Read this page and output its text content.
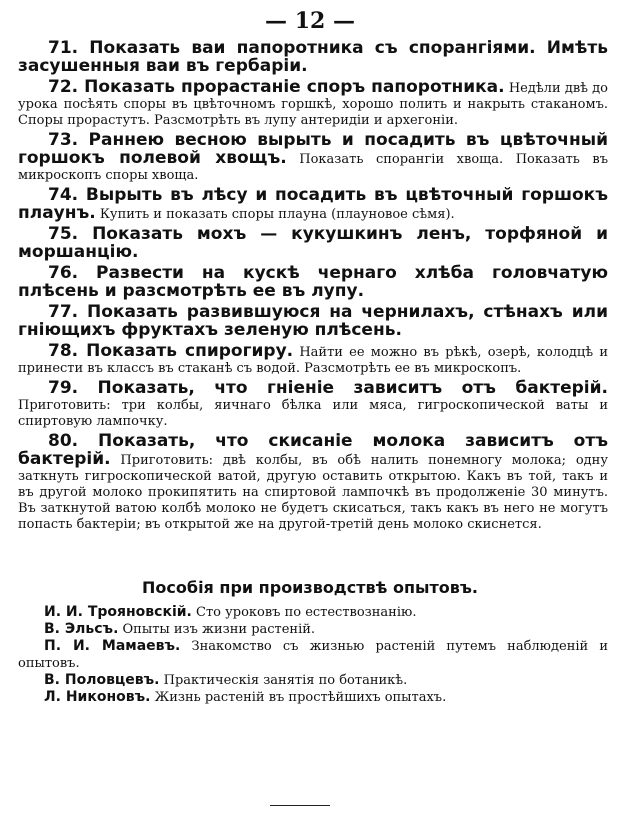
— 12 —

71. Показать ваи папоротника съ спорангіями. Имѣть засушенныя ваи въ гербаріи.

72. Показать прорастаніе споръ папоротника. Недѣли двѣ до урока посѣять споры въ цвѣточномъ горшкѣ, хорошо полить и накрыть стаканомъ. Споры прорастутъ. Разсмотрѣть въ лупу антеридіи и архегоніи.

73. Раннею весною вырыть и посадить въ цвѣточный горшокъ полевой хвощъ. Показать спорангіи хвоща. Показать въ микроскопъ споры хвоща.

74. Вырыть въ лѣсу и посадить въ цвѣточный горшокъ плаунъ. Купить и показать споры плауна (плауновое сѣмя).

75. Показать мохъ — кукушкинъ ленъ, торфяной и моршанцію.

76. Развести на кускѣ чернаго хлѣба головчатую плѣсень и разсмотрѣть ее въ лупу.

77. Показать развившуюся на чернилахъ, стѣнахъ или гніющихъ фруктахъ зеленую плѣсень.

78. Показать спирогиру. Найти ее можно въ рѣкѣ, озерѣ, колодцѣ и принести въ классъ въ стаканѣ съ водой. Разсмотрѣть ее въ микроскопъ.

79. Показать, что гніеніе зависитъ отъ бактерій. Приготовить: три колбы, яичнаго бѣлка или мяса, гигроскопической ваты и спиртовую лампочку.

80. Показать, что скисаніе молока зависитъ отъ бактерій. Приготовить: двѣ колбы, въ обѣ налить понемногу молока; одну заткнуть гигроскопической ватой, другую оставить открытою. Какъ въ той, такъ и въ другой молоко прокипятить на спиртовой лампочкѣ въ продолженіе 30 минутъ. Въ заткнутой ватою колбѣ молоко не будетъ скисаться, такъ какъ въ него не могутъ попасть бактеріи; въ открытой же на другой-третій день молоко скиснется.

Пособія при производствѣ опытовъ.

И. И. Трояновскій. Сто уроковъ по естествознанію.

В. Эльсъ. Опыты изъ жизни растеній.

П. И. Мамаевъ. Знакомство съ жизнью растеній путемъ наблюденій и опытовъ.

В. Половцевъ. Практическія занятія по ботаникѣ.

Л. Никоновъ. Жизнь растеній въ простѣйшихъ опытахъ.
